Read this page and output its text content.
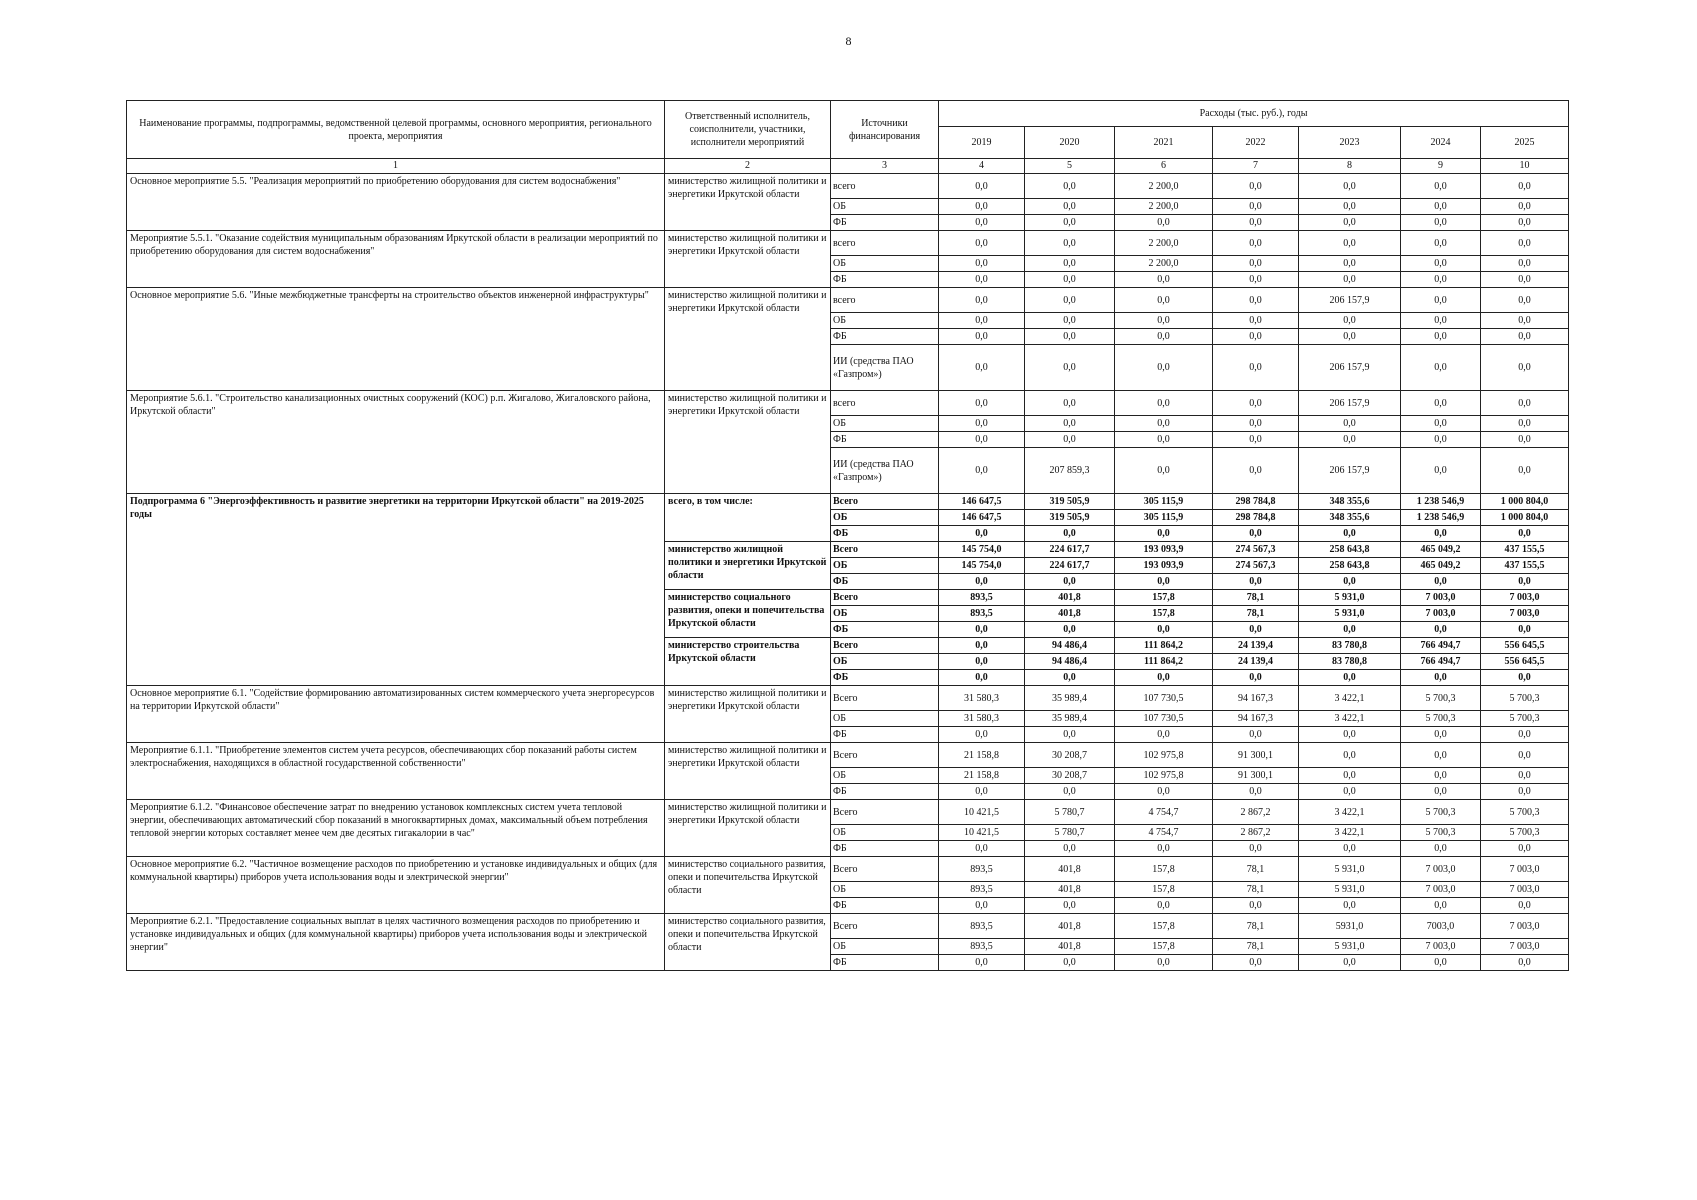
8
Наименование программы, подпрограммы, ведомственной целевой программы, основного мероприятия, регионального проекта, мероприятия	Ответственный исполнитель, соисполнители, участники, исполнители мероприятий	Источники финансирования	Расходы (тыс. руб.), годы						
			2019	2020	2021	2022	2023	2024	2025
1	2	3	4	5	6	7	8	9	10
Основное мероприятие 5.5. "Реализация мероприятий по приобретению оборудования для систем водоснабжения"	министерство жилищной политики и энергетики Иркутской области	всего	0,0	0,0	2 200,0	0,0	0,0	0,0	0,0
		ОБ	0,0	0,0	2 200,0	0,0	0,0	0,0	0,0
		ФБ	0,0	0,0	0,0	0,0	0,0	0,0	0,0
Мероприятие 5.5.1. "Оказание содействия муниципальным образованиям Иркутской области в реализации мероприятий по приобретению оборудования для систем водоснабжения"	министерство жилищной политики и энергетики Иркутской области	всего	0,0	0,0	2 200,0	0,0	0,0	0,0	0,0
		ОБ	0,0	0,0	2 200,0	0,0	0,0	0,0	0,0
		ФБ	0,0	0,0	0,0	0,0	0,0	0,0	0,0
Основное мероприятие 5.6. "Иные межбюджетные трансферты на строительство объектов инженерной инфраструктуры"	министерство жилищной политики и энергетики Иркутской области	всего	0,0	0,0	0,0	0,0	206 157,9	0,0	0,0
		ОБ	0,0	0,0	0,0	0,0	0,0	0,0	0,0
		ФБ	0,0	0,0	0,0	0,0	0,0	0,0	0,0
		ИИ (средства ПАО «Газпром»)	0,0	0,0	0,0	0,0	206 157,9	0,0	0,0
Мероприятие 5.6.1. "Строительство канализационных очистных сооружений (КОС) р.п. Жигалово, Жигаловского района, Иркутской области"	министерство жилищной политики и энергетики Иркутской области	всего	0,0	0,0	0,0	0,0	206 157,9	0,0	0,0
		ОБ	0,0	0,0	0,0	0,0	0,0	0,0	0,0
		ФБ	0,0	0,0	0,0	0,0	0,0	0,0	0,0
		ИИ (средства ПАО «Газпром»)	0,0	207 859,3	0,0	0,0	206 157,9	0,0	0,0
Подпрограмма 6 "Энергоэффективность и развитие энергетики на территории Иркутской области" на 2019-2025 годы	всего, в том числе:	Всего	146 647,5	319 505,9	305 115,9	298 784,8	348 355,6	1 238 546,9	1 000 804,0
		ОБ	146 647,5	319 505,9	305 115,9	298 784,8	348 355,6	1 238 546,9	1 000 804,0
		ФБ	0,0	0,0	0,0	0,0	0,0	0,0	0,0
	министерство жилищной политики и энергетики Иркутской области	Всего	145 754,0	224 617,7	193 093,9	274 567,3	258 643,8	465 049,2	437 155,5
		ОБ	145 754,0	224 617,7	193 093,9	274 567,3	258 643,8	465 049,2	437 155,5
		ФБ	0,0	0,0	0,0	0,0	0,0	0,0	0,0
	министерство социального развития, опеки и попечительства Иркутской области	Всего	893,5	401,8	157,8	78,1	5 931,0	7 003,0	7 003,0
		ОБ	893,5	401,8	157,8	78,1	5 931,0	7 003,0	7 003,0
		ФБ	0,0	0,0	0,0	0,0	0,0	0,0	0,0
	министерство строительства Иркутской области	Всего	0,0	94 486,4	111 864,2	24 139,4	83 780,8	766 494,7	556 645,5
		ОБ	0,0	94 486,4	111 864,2	24 139,4	83 780,8	766 494,7	556 645,5
		ФБ	0,0	0,0	0,0	0,0	0,0	0,0	0,0
Основное мероприятие 6.1. "Содействие формированию автоматизированных систем коммерческого учета энергоресурсов на территории Иркутской области"	министерство жилищной политики и энергетики Иркутской области	Всего	31 580,3	35 989,4	107 730,5	94 167,3	3 422,1	5 700,3	5 700,3
		ОБ	31 580,3	35 989,4	107 730,5	94 167,3	3 422,1	5 700,3	5 700,3
		ФБ	0,0	0,0	0,0	0,0	0,0	0,0	0,0
Мероприятие 6.1.1. "Приобретение элементов систем учета ресурсов, обеспечивающих сбор показаний работы систем электроснабжения, находящихся в областной государственной собственности"	министерство жилищной политики и энергетики Иркутской области	Всего	21 158,8	30 208,7	102 975,8	91 300,1	0,0	0,0	0,0
		ОБ	21 158,8	30 208,7	102 975,8	91 300,1	0,0	0,0	0,0
		ФБ	0,0	0,0	0,0	0,0	0,0	0,0	0,0
Мероприятие 6.1.2. "Финансовое обеспечение затрат по внедрению установок комплексных систем учета тепловой энергии, обеспечивающих автоматический сбор показаний в многоквартирных домах, максимальный объем потребления тепловой энергии которых составляет менее чем две десятых гигакалории в час"	министерство жилищной политики и энергетики Иркутской области	Всего	10 421,5	5 780,7	4 754,7	2 867,2	3 422,1	5 700,3	5 700,3
		ОБ	10 421,5	5 780,7	4 754,7	2 867,2	3 422,1	5 700,3	5 700,3
		ФБ	0,0	0,0	0,0	0,0	0,0	0,0	0,0
Основное мероприятие 6.2. "Частичное возмещение расходов по приобретению и установке индивидуальных и общих (для коммунальной квартиры) приборов учета использования воды и электрической энергии"	министерство социального развития, опеки и попечительства Иркутской области	Всего	893,5	401,8	157,8	78,1	5 931,0	7 003,0	7 003,0
		ОБ	893,5	401,8	157,8	78,1	5 931,0	7 003,0	7 003,0
		ФБ	0,0	0,0	0,0	0,0	0,0	0,0	0,0
Мероприятие 6.2.1. "Предоставление социальных выплат в целях частичного возмещения расходов по приобретению и установке индивидуальных и общих (для коммунальной квартиры) приборов учета использования воды и электрической энергии"	министерство социального развития, опеки и попечительства Иркутской области	Всего	893,5	401,8	157,8	78,1	5931,0	7003,0	7 003,0
		ОБ	893,5	401,8	157,8	78,1	5 931,0	7 003,0	7 003,0
		ФБ	0,0	0,0	0,0	0,0	0,0	0,0	0,0
